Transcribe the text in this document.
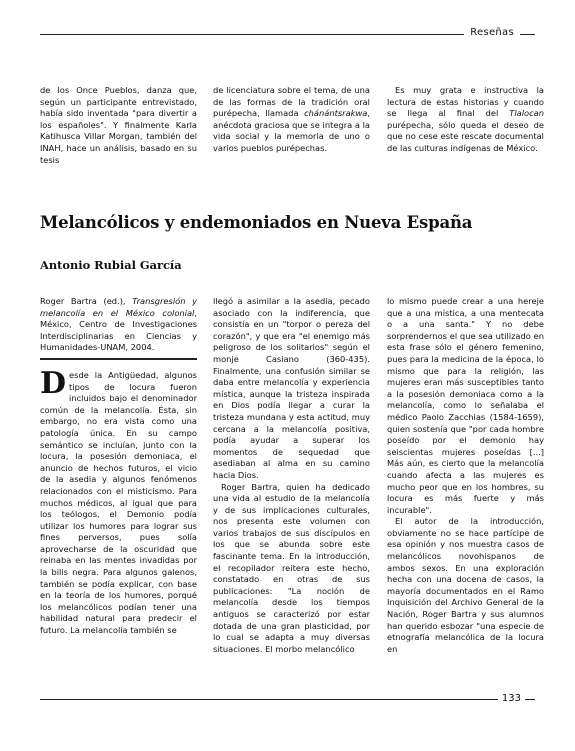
Reseñas

de los Once Pueblos, danza que, según un participante entrevistado, había sido inventada "para divertir a los españoles". Y finalmente Karla Katihusca Villar Morgan, también del INAH, hace un análisis, basado en su tesis

de licenciatura sobre el tema, de una de las formas de la tradición oral purépecha, llamada chánántsrakwa, anécdota graciosa que se integra a la vida social y la memoria de uno o varios pueblos purépechas.

Es muy grata e instructiva la lectura de estas historias y cuando se llega al final del Tlalocan purépecha, sólo queda el deseo de que no cese este rescate documental de las culturas indígenas de México.

Melancólicos y endemoniados en Nueva España
Antonio Rubial García

Roger Bartra (ed.), Transgresión y melancolía en el México colonial, México, Centro de Investigaciones Interdisciplinarias en Ciencias y Humanidades-UNAM, 2004.

Desde la Antigüedad, algunos tipos de locura fueron incluidos bajo el denominador común de la melancolía. Ésta, sin embargo, no era vista como una patología única. En su campo semántico se incluían, junto con la locura, la posesión demoniaca, el anuncio de hechos futuros, el vicio de la asedia y algunos fenómenos relacionados con el misticismo. Para muchos médicos, al igual que para los teólogos, el Demonio podía utilizar los humores para lograr sus fines perversos, pues solía aprovecharse de la oscuridad que reinaba en las mentes invadidas por la bilis negra. Para algunos galenos, también se podía explicar, con base en la teoría de los humores, porqué los melancólicos podían tener una habilidad natural para predecir el futuro. La melancolía también se

llegó a asimilar a la asedia, pecado asociado con la indiferencia, que consistía en un "torpor o pereza del corazón", y que era "el enemigo más peligroso de los solitarios" según el monje Casiano (360-435). Finalmente, una confusión similar se daba entre melancolía y experiencia mística, aunque la tristeza inspirada en Dios podía llegar a curar la tristeza mundana y esta actitud, muy cercana a la melancolía positiva, podía ayudar a superar los momentos de sequedad que asediaban al alma en su camino hacia Dios.

Roger Bartra, quien ha dedicado una vida al estudio de la melancolía y de sus implicaciones culturales, nos presenta este volumen con varios trabajos de sus discípulos en los que se abunda sobre este fascinante tema. En la introducción, el recopilador reitera este hecho, constatado en otras de sus publicaciones: "La noción de melancolía desde los tiempos antiguos se caracterizó por estar dotada de una gran plasticidad, por lo cual se adapta a muy diversas situaciones. El morbo melancólico

lo mismo puede crear a una hereje que a una mística, a una mentecata o a una santa." Y no debe sorprendernos el que sea utilizado en esta frase sólo el género femenino, pues para la medicina de la época, lo mismo que para la religión, las mujeres eran más susceptibles tanto a la posesión demoniaca como a la melancolía, como lo señalaba el médico Paolo Zacchias (1584-1659), quien sostenía que "por cada hombre poseído por el demonio hay seiscientas mujeres poseídas [...] Más aún, es cierto que la melancolía cuando afecta a las mujeres es mucho peor que en los hombres, su locura es más fuerte y más incurable".

El autor de la introducción, obviamente no se hace partícipe de esa opinión y nos muestra casos de melancólicos novohispanos de ambos sexos. En una exploración hecha con una docena de casos, la mayoría documentados en el Ramo Inquisición del Archivo General de la Nación, Roger Bartra y sus alumnos han querido esbozar "una especie de etnografía melancólica de la locura en

133
